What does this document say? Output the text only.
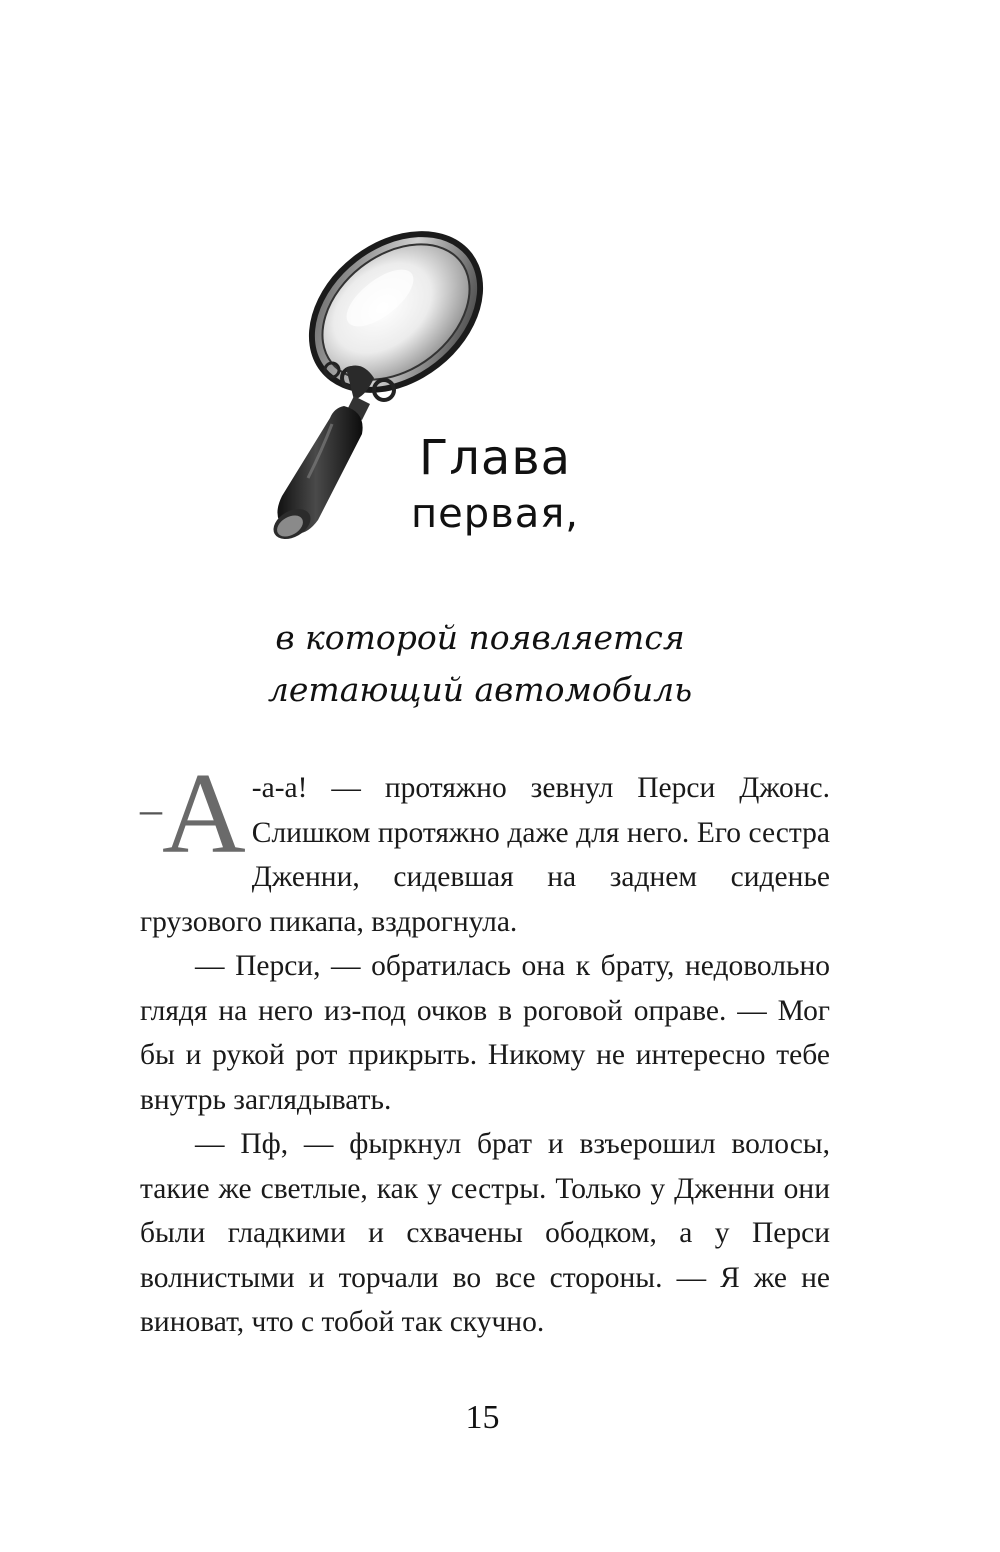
Глава
первая,
в которой появляется
летающий автомобиль

– А -а-а! — протяжно зевнул Перси Джонс. Слишком протяжно даже для него. Его сестра Дженни, сидевшая на заднем сиденье грузового пикапа, вздрогнула.

— Перси, — обратилась она к брату, недовольно глядя на него из-под очков в роговой оправе. — Мог бы и рукой рот прикрыть. Никому не интересно тебе внутрь заглядывать.

— Пф, — фыркнул брат и взъерошил волосы, такие же светлые, как у сестры. Только у Дженни они были гладкими и схвачены ободком, а у Перси волнистыми и торчали во все стороны. — Я же не виноват, что с тобой так скучно.

15
